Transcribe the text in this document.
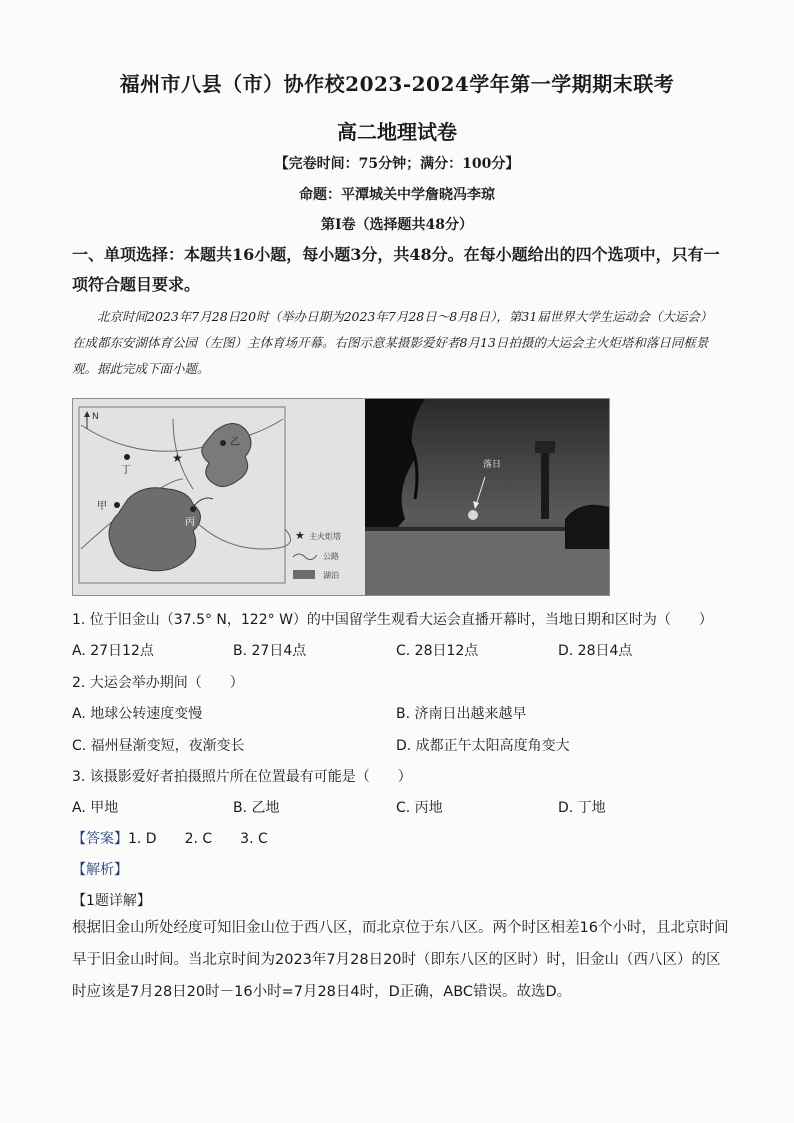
福州市八县（市）协作校2023-2024学年第一学期期末联考
高二地理试卷
【完卷时间：75分钟；满分：100分】
命题：平潭城关中学詹晓冯李琼
第Ⅰ卷（选择题共48分）
一、单项选择：本题共16小题，每小题3分，共48分。在每小题给出的四个选项中，只有一项符合题目要求。
北京时间2023年7月28日20时（举办日期为2023年7月28日～8月8日），第31届世界大学生运动会（大运会）在成都东安湖体育公园（左图）主体育场开幕。右图示意某摄影爱好者8月13日拍摄的大运会主火炬塔和落日同框景观。据此完成下面小题。
N
丁
★
乙
甲
丙
★ 主火炬塔
公路
湖泊
落日
1. 位于旧金山（37.5° N，122° W）的中国留学生观看大运会直播开幕时，当地日期和区时为（　　）
A. 27日12点	B. 27日4点	C. 28日12点	D. 28日4点
2. 大运会举办期间（　　）
A. 地球公转速度变慢	B. 济南日出越来越早
C. 福州昼渐变短，夜渐变长	D. 成都正午太阳高度角变大
3. 该摄影爱好者拍摄照片所在位置最有可能是（　　）
A. 甲地	B. 乙地	C. 丙地	D. 丁地
【答案】1. D　　2. C　　3. C
【解析】
【1题详解】
根据旧金山所处经度可知旧金山位于西八区，而北京位于东八区。两个时区相差16个小时，且北京时间早于旧金山时间。当北京时间为2023年7月28日20时（即东八区的区时）时，旧金山（西八区）的区时应该是7月28日20时－16小时=7月28日4时，D正确，ABC错误。故选D。
